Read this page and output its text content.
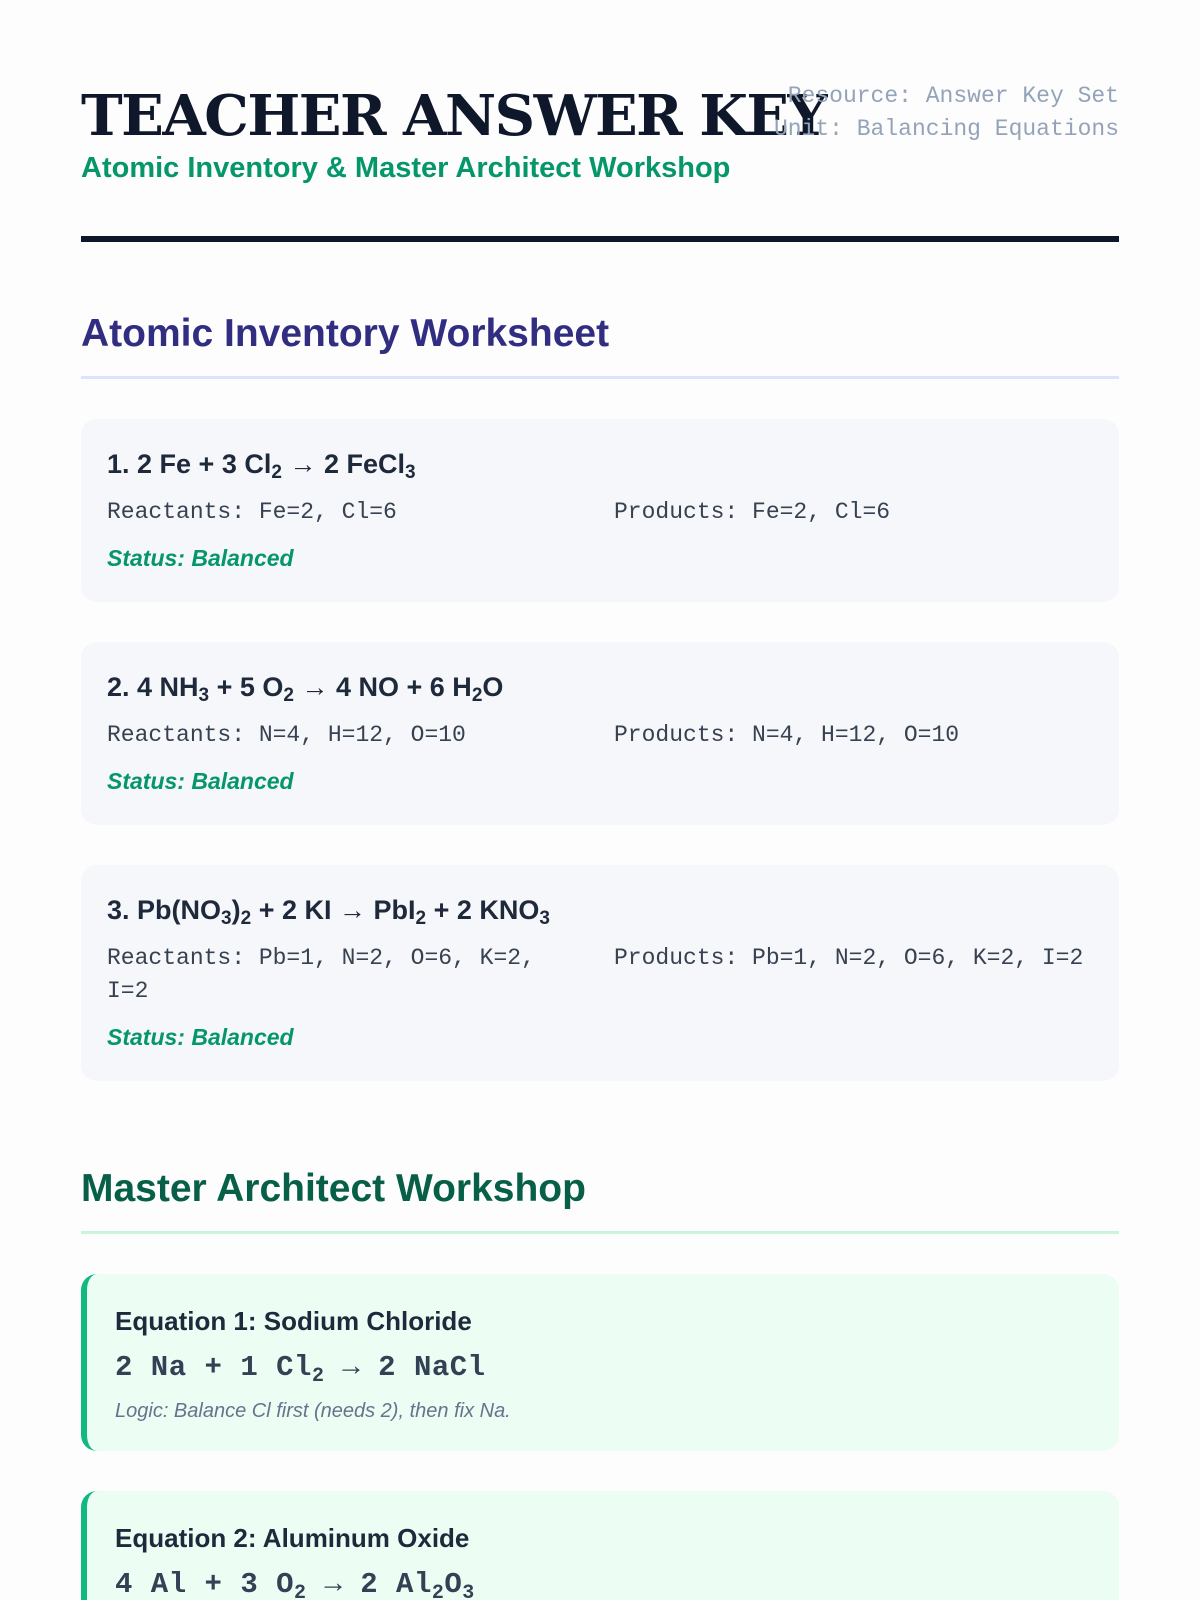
TEACHER ANSWER KEY
Atomic Inventory & Master Architect Workshop
Resource: Answer Key Set
Unit: Balancing Equations
Atomic Inventory Worksheet
1. 2 Fe + 3 $Cl_2 \to 2$ FeCl$_3$
Reactants: Fe=2, Cl=6	Products: Fe=2, Cl=6
Status: Balanced
2. 4 $NH_3 + 5$ $O_2 \to 4$ NO + 6 $H_2O$
Reactants: N=4, H=12, O=10	Products: N=4, H=12, O=10
Status: Balanced
3. $Pb(NO_3)_2 + 2$ KI → PbI$_2$ + 2 $KNO_3$
Reactants: Pb=1, N=2, O=6, K=2, I=2
Products: Pb=1, N=2, O=6, K=2, I=2
Status: Balanced
Master Architect Workshop
Equation 1: Sodium Chloride
2 Na + 1 $Cl_2 \to 2$ NaCl
Logic: Balance Cl first (needs 2), then fix Na.
Equation 2: Aluminum Oxide
4 Al + 3 $O_2 \to 2$ $Al_2O_3$
